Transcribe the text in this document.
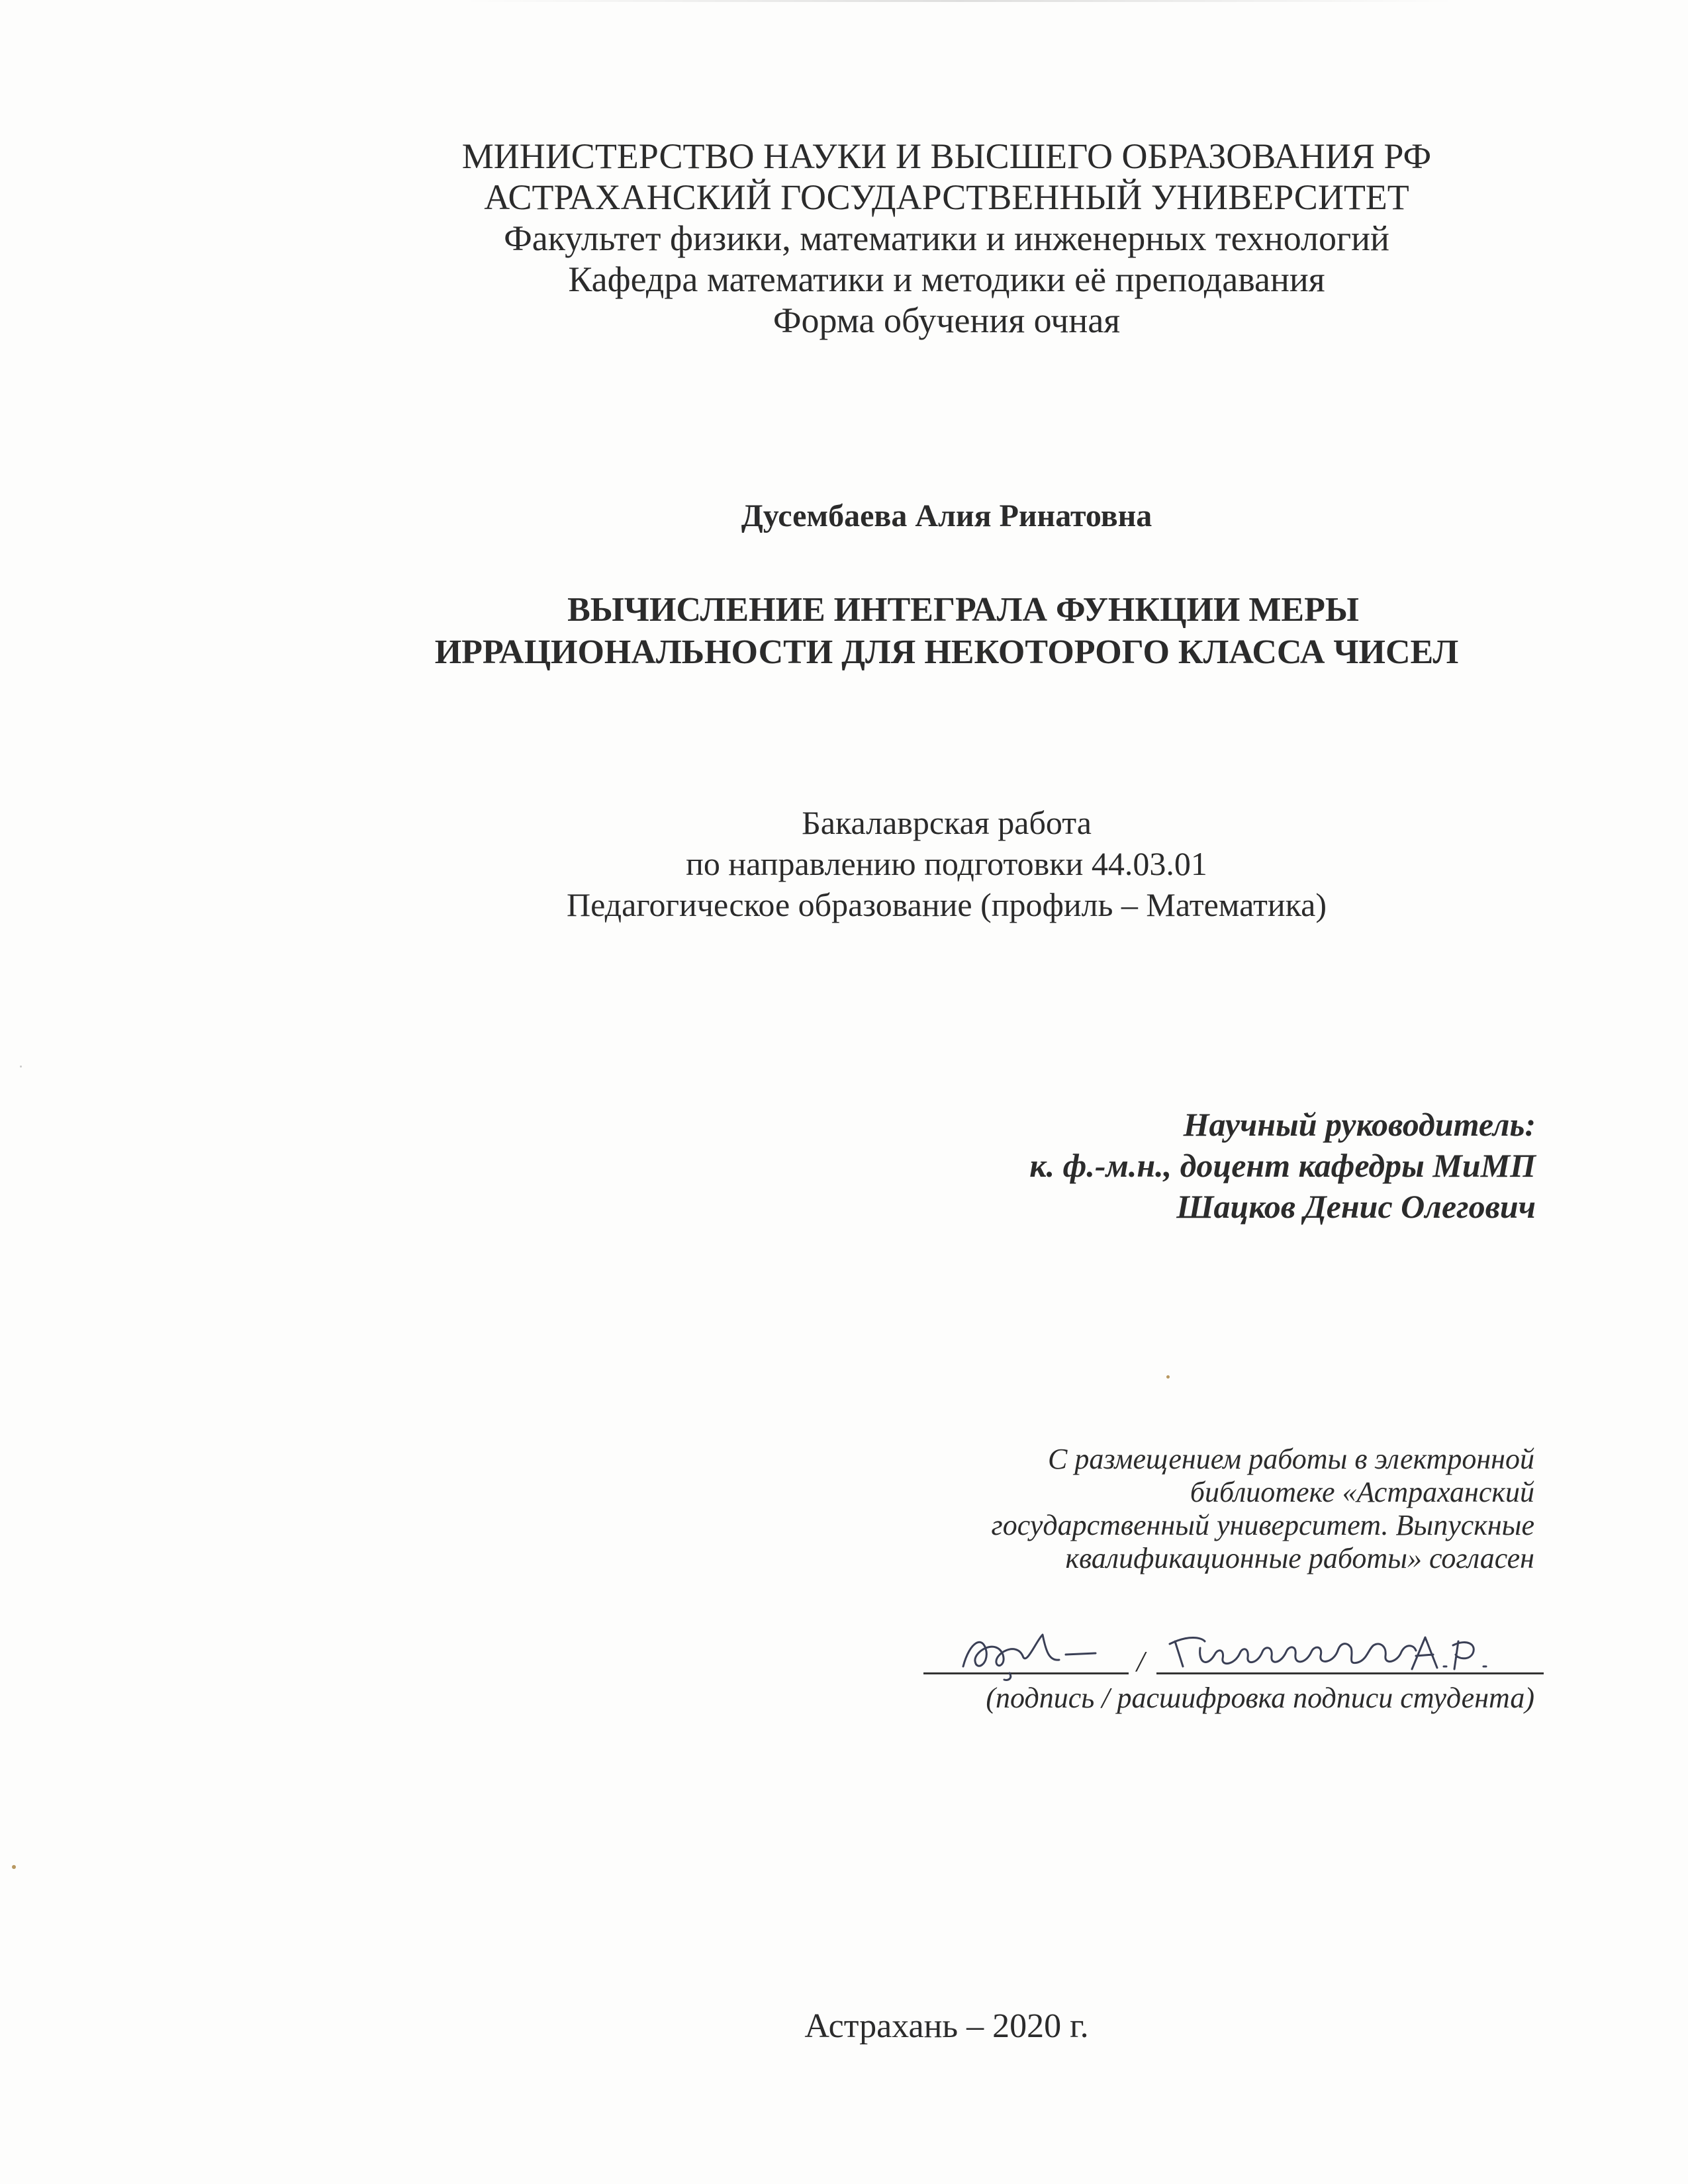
МИНИСТЕРСТВО НАУКИ И ВЫСШЕГО ОБРАЗОВАНИЯ РФ
АСТРАХАНСКИЙ ГОСУДАРСТВЕННЫЙ УНИВЕРСИТЕТ
Факультет физики, математики и инженерных технологий
Кафедра математики и методики её преподавания
Форма обучения очная
Дусембаева Алия Ринатовна
ВЫЧИСЛЕНИЕ ИНТЕГРАЛА ФУНКЦИИ МЕРЫ
ИРРАЦИОНАЛЬНОСТИ ДЛЯ НЕКОТОРОГО КЛАССА ЧИСЕЛ
Бакалаврская работа
по направлению подготовки 44.03.01
Педагогическое образование (профиль – Математика)
Научный руководитель:
к. ф.-м.н., доцент кафедры МиМП
Шацков Денис Олегович
С размещением работы в электронной
библиотеке «Астраханский
государственный университет. Выпускные
квалификационные работы» согласен
/
(подпись / расшифровка подписи студента)
Астрахань – 2020 г.
